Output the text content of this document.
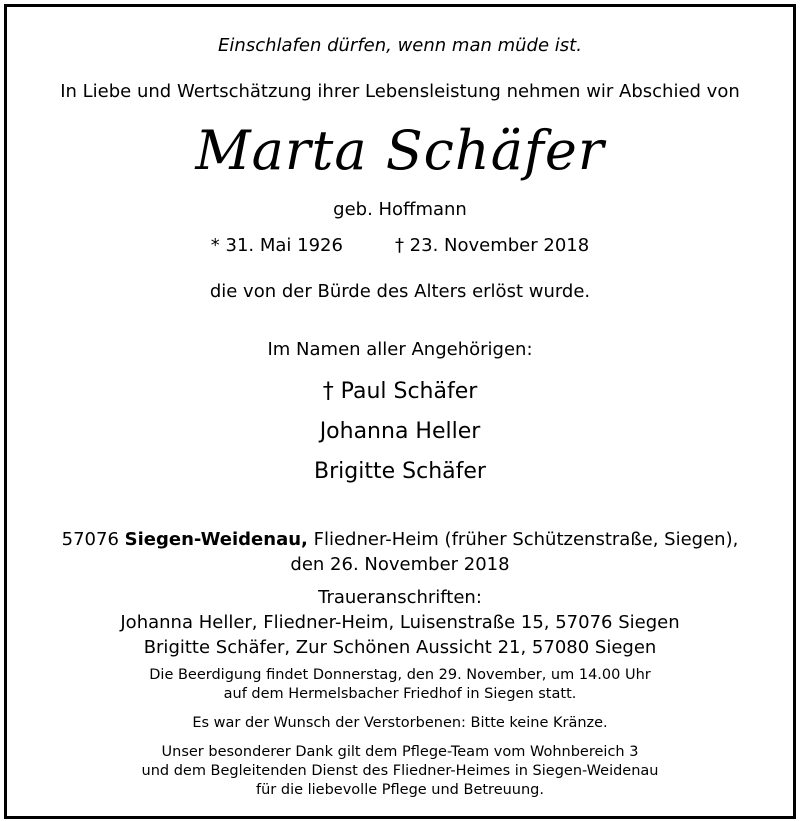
Einschlafen dürfen, wenn man müde ist.
In Liebe und Wertschätzung ihrer Lebensleistung nehmen wir Abschied von
Marta Schäfer
geb. Hoffmann
* 31. Mai 1926	† 23. November 2018
die von der Bürde des Alters erlöst wurde.
Im Namen aller Angehörigen:
† Paul Schäfer
Johanna Heller
Brigitte Schäfer
57076 Siegen-Weidenau, Fliedner-Heim (früher Schützenstraße, Siegen),
den 26. November 2018
Traueranschriften:
Johanna Heller, Fliedner-Heim, Luisenstraße 15, 57076 Siegen
Brigitte Schäfer, Zur Schönen Aussicht 21, 57080 Siegen
Die Beerdigung findet Donnerstag, den 29. November, um 14.00 Uhr
auf dem Hermelsbacher Friedhof in Siegen statt.
Es war der Wunsch der Verstorbenen: Bitte keine Kränze.
Unser besonderer Dank gilt dem Pflege-Team vom Wohnbereich 3
und dem Begleitenden Dienst des Fliedner-Heimes in Siegen-Weidenau
für die liebevolle Pflege und Betreuung.
